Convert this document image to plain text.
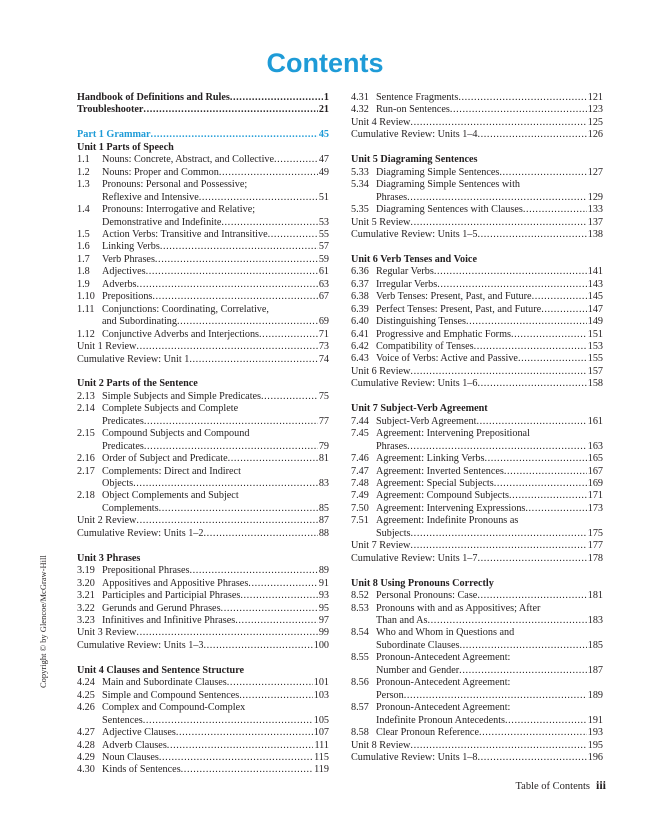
Contents
Copyright © by Glencoe/McGraw-Hill
Handbook of Definitions and Rules .....	1
Troubleshooter .....	21
Part 1 Grammar .....	45
Unit 1 Parts of Speech
1.1	Nouns: Concrete, Abstract, and Collective .....	47
1.2	Nouns: Proper and Common .....	49
1.3	Pronouns: Personal and Possessive;
Reflexive and Intensive .....	51
1.4	Pronouns: Interrogative and Relative;
Demonstrative and Indefinite .....	53
1.5	Action Verbs: Transitive and Intransitive .....	55
1.6	Linking Verbs .....	57
1.7	Verb Phrases .....	59
1.8	Adjectives .....	61
1.9	Adverbs .....	63
1.10 Prepositions .....	67
1.11 Conjunctions: Coordinating, Correlative,
and Subordinating .....	69
1.12 Conjunctive Adverbs and Interjections .....	71
Unit 1 Review .....	73
Cumulative Review: Unit 1 .....	74
Unit 2 Parts of the Sentence
2.13 Simple Subjects and Simple Predicates .....	75
2.14 Complete Subjects and Complete
Predicates .....	77
2.15 Compound Subjects and Compound
Predicates .....	79
2.16 Order of Subject and Predicate .....	81
2.17 Complements: Direct and Indirect
Objects .....	83
2.18 Object Complements and Subject
Complements .....	85
Unit 2 Review .....	87
Cumulative Review: Units 1–2 .....	88
Unit 3 Phrases
3.19 Prepositional Phrases .....	89
3.20 Appositives and Appositive Phrases .....	91
3.21 Participles and Participial Phrases .....	93
3.22 Gerunds and Gerund Phrases .....	95
3.23 Infinitives and Infinitive Phrases .....	97
Unit 3 Review .....	99
Cumulative Review: Units 1–3 .....	100
Unit 4 Clauses and Sentence Structure
4.24 Main and Subordinate Clauses .....	101
4.25 Simple and Compound Sentences .....	103
4.26 Complex and Compound-Complex
Sentences .....	105
4.27 Adjective Clauses .....	107
4.28 Adverb Clauses .....	111
4.29 Noun Clauses .....	115
4.30 Kinds of Sentences .....	119
4.31 Sentence Fragments .....	121
4.32 Run-on Sentences .....	123
Unit 4 Review .....	125
Cumulative Review: Units 1–4 .....	126
Unit 5 Diagraming Sentences
5.33 Diagraming Simple Sentences .....	127
5.34 Diagraming Simple Sentences with
Phrases .....	129
5.35 Diagraming Sentences with Clauses .....	133
Unit 5 Review .....	137
Cumulative Review: Units 1–5 .....	138
Unit 6 Verb Tenses and Voice
6.36 Regular Verbs .....	141
6.37 Irregular Verbs .....	143
6.38 Verb Tenses: Present, Past, and Future .....	145
6.39 Perfect Tenses: Present, Past, and Future .....	147
6.40 Distinguishing Tenses .....	149
6.41 Progressive and Emphatic Forms .....	151
6.42 Compatibility of Tenses .....	153
6.43 Voice of Verbs: Active and Passive .....	155
Unit 6 Review .....	157
Cumulative Review: Units 1–6 .....	158
Unit 7 Subject-Verb Agreement
7.44 Subject-Verb Agreement .....	161
7.45 Agreement: Intervening Prepositional
Phrases .....	163
7.46 Agreement: Linking Verbs .....	165
7.47 Agreement: Inverted Sentences .....	167
7.48 Agreement: Special Subjects .....	169
7.49 Agreement: Compound Subjects .....	171
7.50 Agreement: Intervening Expressions .....	173
7.51 Agreement: Indefinite Pronouns as
Subjects .....	175
Unit 7 Review .....	177
Cumulative Review: Units 1–7 .....	178
Unit 8 Using Pronouns Correctly
8.52 Personal Pronouns: Case .....	181
8.53 Pronouns with and as Appositives; After
Than and As .....	183
8.54 Who and Whom in Questions and
Subordinate Clauses .....	185
8.55 Pronoun-Antecedent Agreement:
Number and Gender .....	187
8.56 Pronoun-Antecedent Agreement:
Person .....	189
8.57 Pronoun-Antecedent Agreement:
Indefinite Pronoun Antecedents .....	191
8.58 Clear Pronoun Reference .....	193
Unit 8 Review .....	195
Cumulative Review: Units 1–8 .....	196
Table of Contents iii
